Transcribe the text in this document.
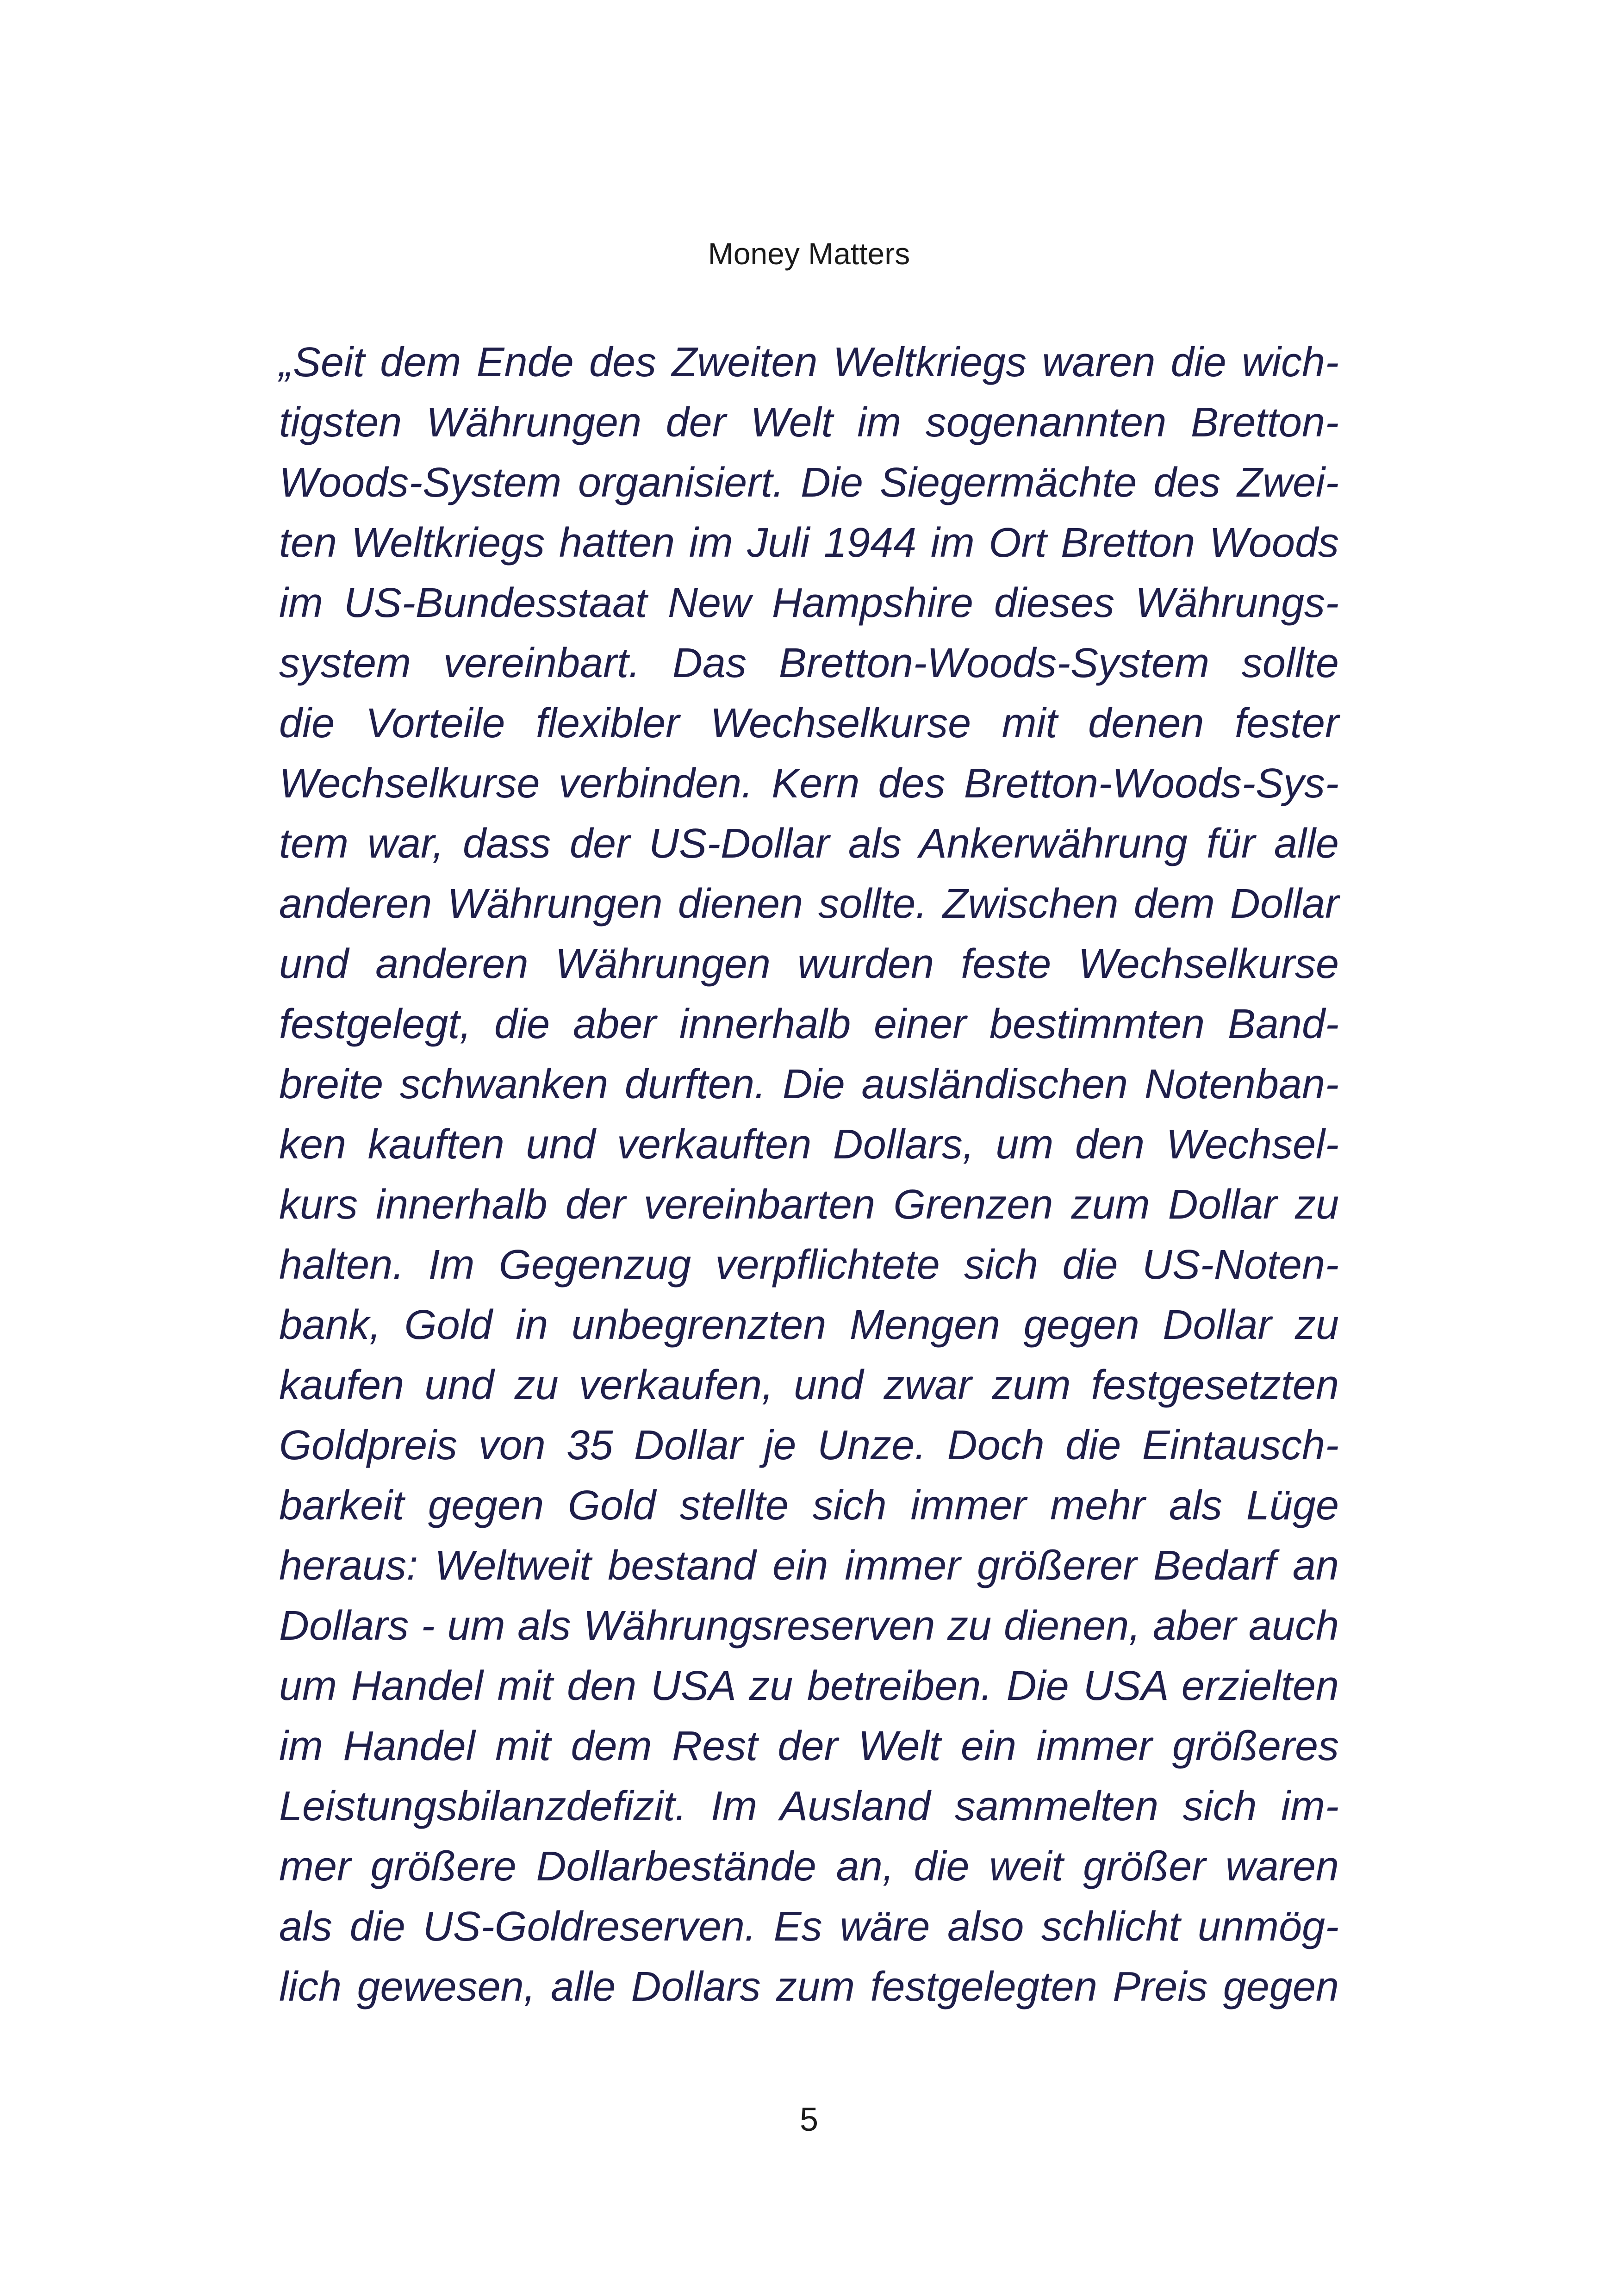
Money Matters
„Seit dem Ende des Zweiten Weltkriegs waren die wich-
tigsten Währungen der Welt im sogenannten Bretton-
Woods-System organisiert. Die Siegermächte des Zwei-
ten Weltkriegs hatten im Juli 1944 im Ort Bretton Woods
im US-Bundesstaat New Hampshire dieses Währungs-
system vereinbart. Das Bretton-Woods-System sollte
die Vorteile flexibler Wechselkurse mit denen fester
Wechselkurse verbinden. Kern des Bretton-Woods-Sys-
tem war, dass der US-Dollar als Ankerwährung für alle
anderen Währungen dienen sollte. Zwischen dem Dollar
und anderen Währungen wurden feste Wechselkurse
festgelegt, die aber innerhalb einer bestimmten Band-
breite schwanken durften. Die ausländischen Notenban-
ken kauften und verkauften Dollars, um den Wechsel-
kurs innerhalb der vereinbarten Grenzen zum Dollar zu
halten. Im Gegenzug verpflichtete sich die US-Noten-
bank, Gold in unbegrenzten Mengen gegen Dollar zu
kaufen und zu verkaufen, und zwar zum festgesetzten
Goldpreis von 35 Dollar je Unze. Doch die Eintausch-
barkeit gegen Gold stellte sich immer mehr als Lüge
heraus: Weltweit bestand ein immer größerer Bedarf an
Dollars - um als Währungsreserven zu dienen, aber auch
um Handel mit den USA zu betreiben. Die USA erzielten
im Handel mit dem Rest der Welt ein immer größeres
Leistungsbilanzdefizit. Im Ausland sammelten sich im-
mer größere Dollarbestände an, die weit größer waren
als die US-Goldreserven. Es wäre also schlicht unmög-
lich gewesen, alle Dollars zum festgelegten Preis gegen
5
